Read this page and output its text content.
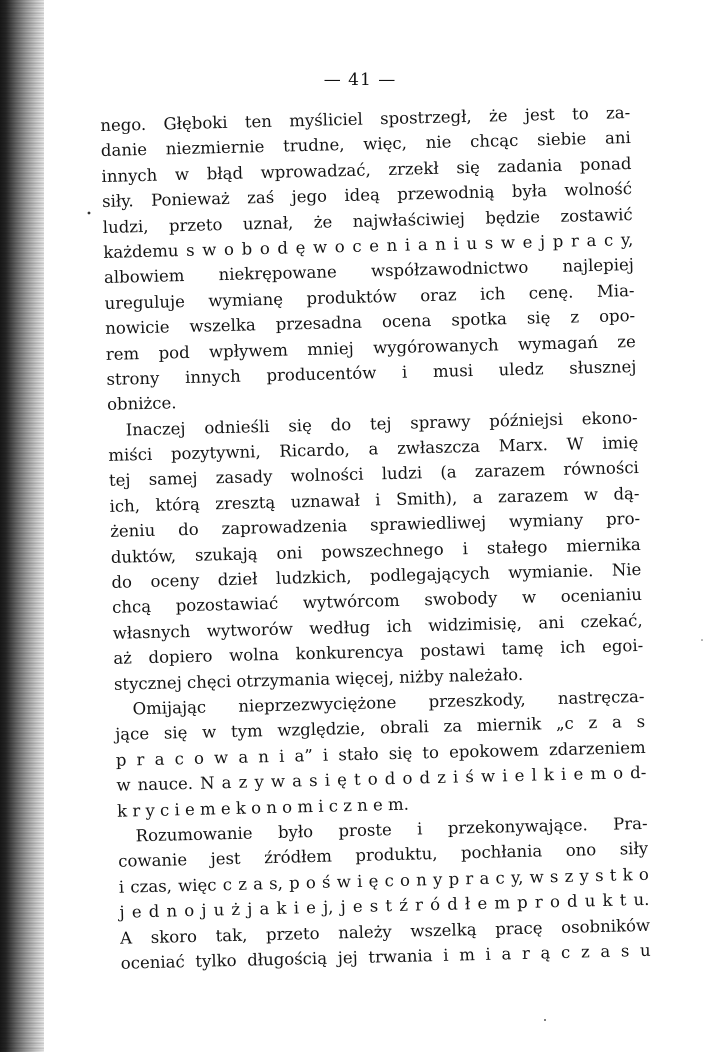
— 41 —
nego. Głęboki ten myśliciel spostrzegł, że jest to za‑
danie niezmiernie trudne, więc, nie chcąc siebie ani
innych w błąd wprowadzać, zrzekł się zadania ponad
siły. Ponieważ zaś jego ideą przewodnią była wolność
ludzi, przeto uznał, że najwłaściwiej będzie zostawić
każdemu s w o b o d ę w o c e n i a n i u s w e j p r a c y,
albowiem niekrępowane współzawodnictwo najlepiej
ureguluje wymianę produktów oraz ich cenę. Mia‑
nowicie wszelka przesadna ocena spotka się z opo‑
rem pod wpływem mniej wygórowanych wymagań ze
strony innych producentów i musi uledz słusznej
obniżce.
Inaczej odnieśli się do tej sprawy późniejsi ekono‑
miści pozytywni, Ricardo, a zwłaszcza Marx. W imię
tej samej zasady wolności ludzi (a zarazem równości
ich, którą zresztą uznawał i Smith), a zarazem w dą‑
żeniu do zaprowadzenia sprawiedliwej wymiany pro‑
duktów, szukają oni powszechnego i stałego miernika
do oceny dzieł ludzkich, podlegających wymianie. Nie
chcą pozostawiać wytwórcom swobody w ocenianiu
własnych wytworów według ich widzimisię, ani czekać,
aż dopiero wolna konkurencya postawi tamę ich egoi‑
stycznej chęci otrzymania więcej, niżby należało.
Omijając nieprzezwyciężone przeszkody, nastręcza‑
jące się w tym względzie, obrali za miernik „c z a s
p r a c o w a n i a” i stało się to epokowem zdarzeniem
w nauce. N a z y w a s i ę t o d o d z i ś w i e l k i e m o d‑
k r y c i e m e k o n o m i c z n e m.
Rozumowanie było proste i przekonywające. Pra‑
cowanie jest źródłem produktu, pochłania ono siły
i czas, więc c z a s, p o ś w i ę c o n y p r a c y, w s z y s t k o
j e d n o j u ż j a k i e j, j e s t ź r ó d ł e m p r o d u k t u.
A skoro tak, przeto należy wszelką pracę osobników
oceniać tylko długością jej trwania i m i a r ą c z a s u
